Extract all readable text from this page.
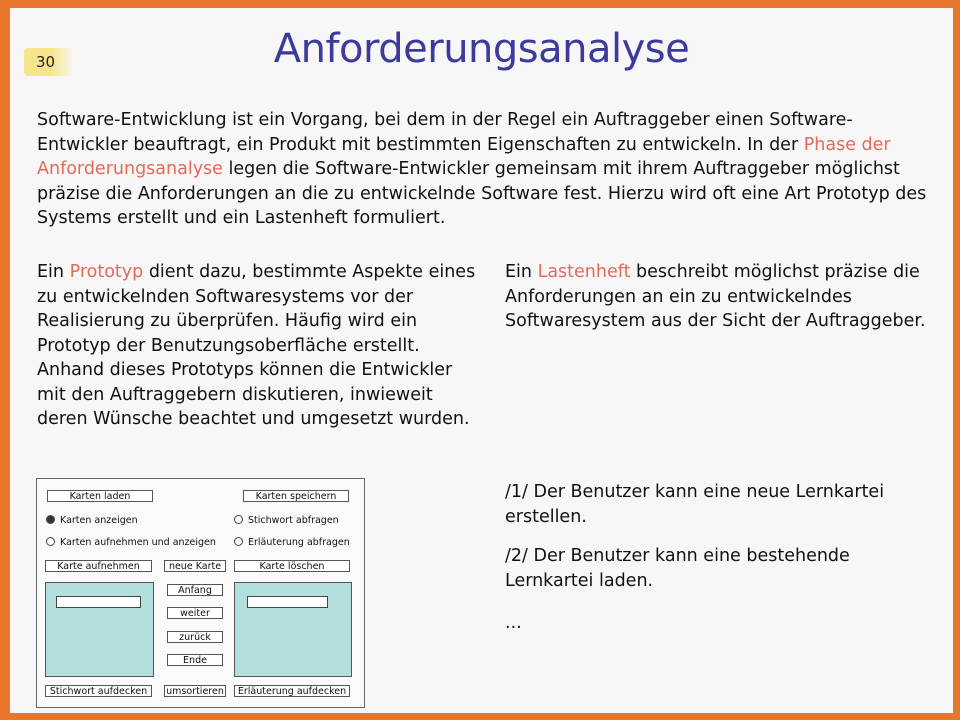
30	Anforderungsanalyse
Software-Entwicklung ist ein Vorgang, bei dem in der Regel ein Auftraggeber einen Software-Entwickler beauftragt, ein Produkt mit bestimmten Eigenschaften zu entwickeln. In der Phase der Anforderungsanalyse legen die Software-Entwickler gemeinsam mit ihrem Auftraggeber möglichst präzise die Anforderungen an die zu entwickelnde Software fest. Hierzu wird oft eine Art Prototyp des Systems erstellt und ein Lastenheft formuliert.
Ein Prototyp dient dazu, bestimmte Aspekte eines zu entwickelnden Softwaresystems vor der Realisierung zu überprüfen. Häufig wird ein Prototyp der Benutzungsoberfläche erstellt. Anhand dieses Prototyps können die Entwickler mit den Auftraggebern diskutieren, inwieweit deren Wünsche beachtet und umgesetzt wurden.
Ein Lastenheft beschreibt möglichst präzise die Anforderungen an ein zu entwickelndes Softwaresystem aus der Sicht der Auftraggeber.
/1/ Der Benutzer kann eine neue Lernkartei erstellen.
/2/ Der Benutzer kann eine bestehende Lernkartei laden.
...
Karten laden	Karten speichern
Karten anzeigen
Karten aufnehmen und anzeigen
Stichwort abfragen
Erläuterung abfragen
Karte aufnehmen	neue Karte	Karte löschen
Anfang
weiter
zurück
Ende
Stichwort aufdecken	umsortieren	Erläuterung aufdecken
